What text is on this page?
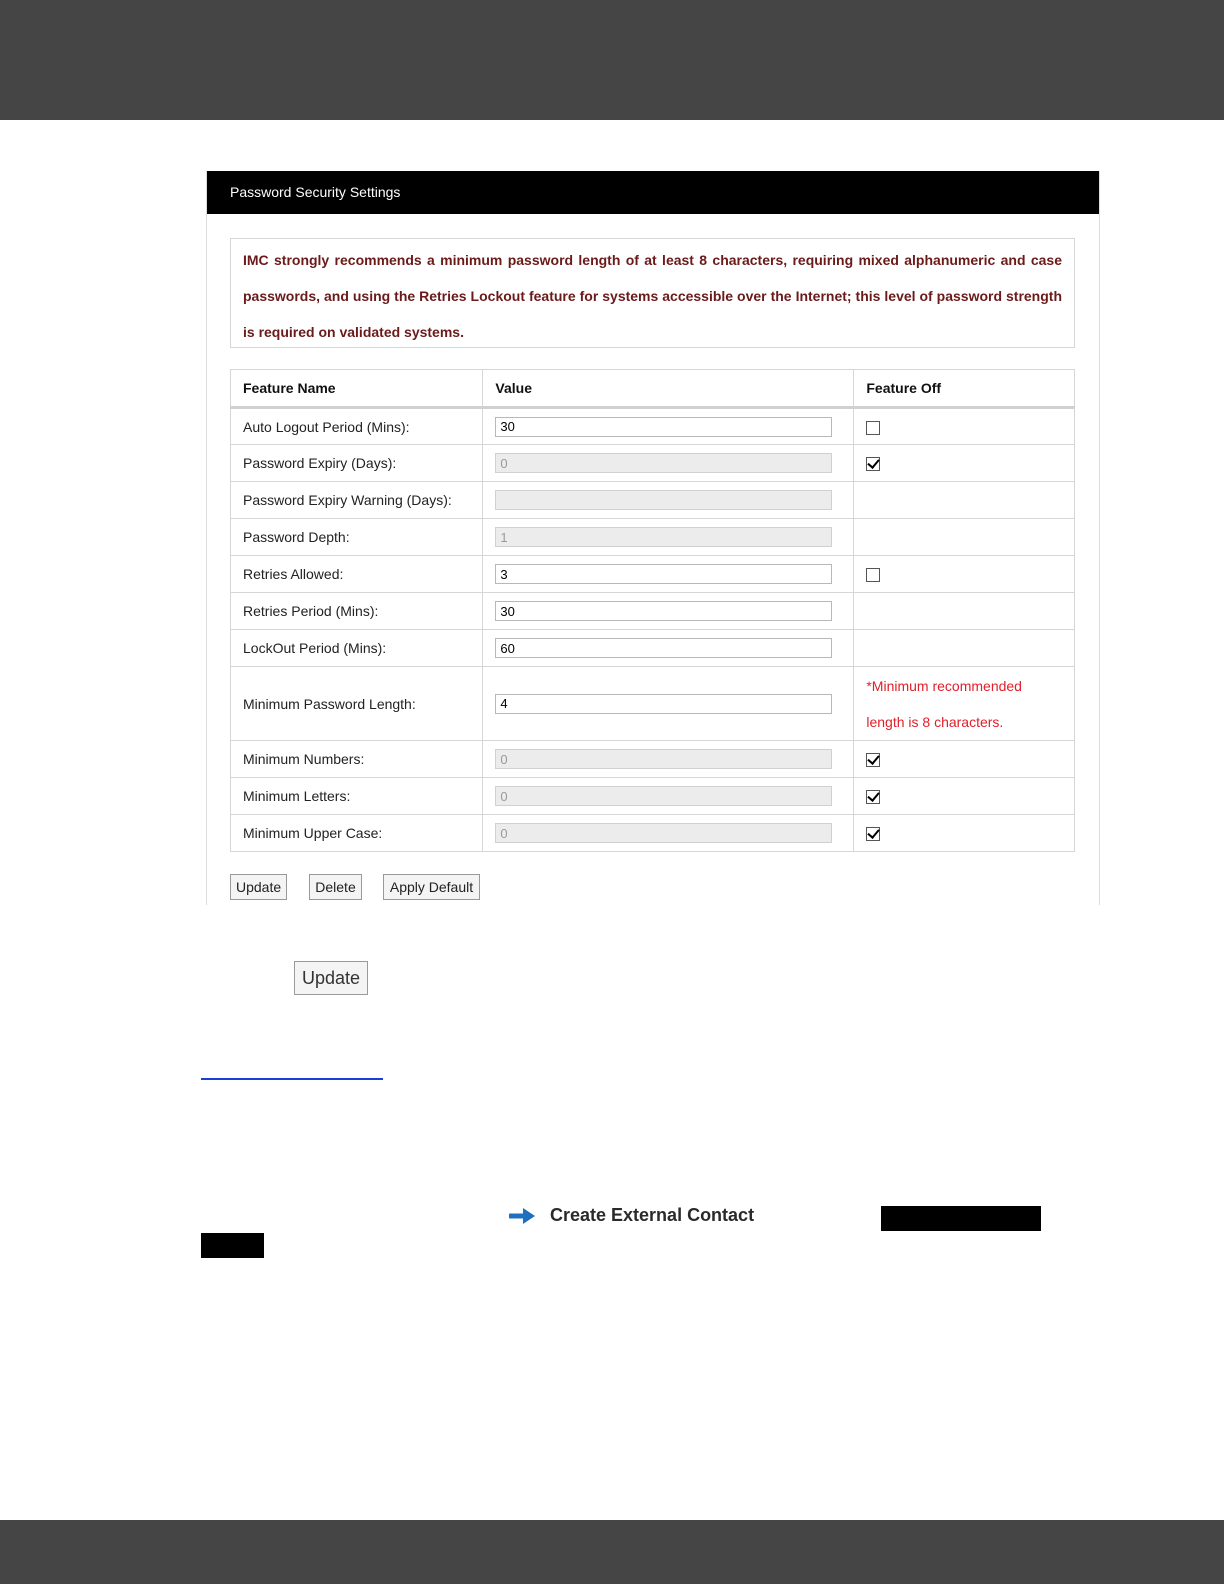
Password Security Settings
IMC strongly recommends a minimum password length of at least 8 characters, requiring mixed alphanumeric and case passwords, and using the Retries Lockout feature for systems accessible over the Internet; this level of password strength is required on validated systems.
Feature Name	Value	Feature Off
Auto Logout Period (Mins):	30	
Password Expiry (Days):	0	
Password Expiry Warning (Days):		
Password Depth:	1	
Retries Allowed:	3	
Retries Period (Mins):	30	
LockOut Period (Mins):	60	
Minimum Password Length:	4	*Minimum recommended length is 8 characters.

Minimum Numbers:	0	
Minimum Letters:	0	
Minimum Upper Case:	0	
Update	Delete	Apply Default
Update
Create External Contact
